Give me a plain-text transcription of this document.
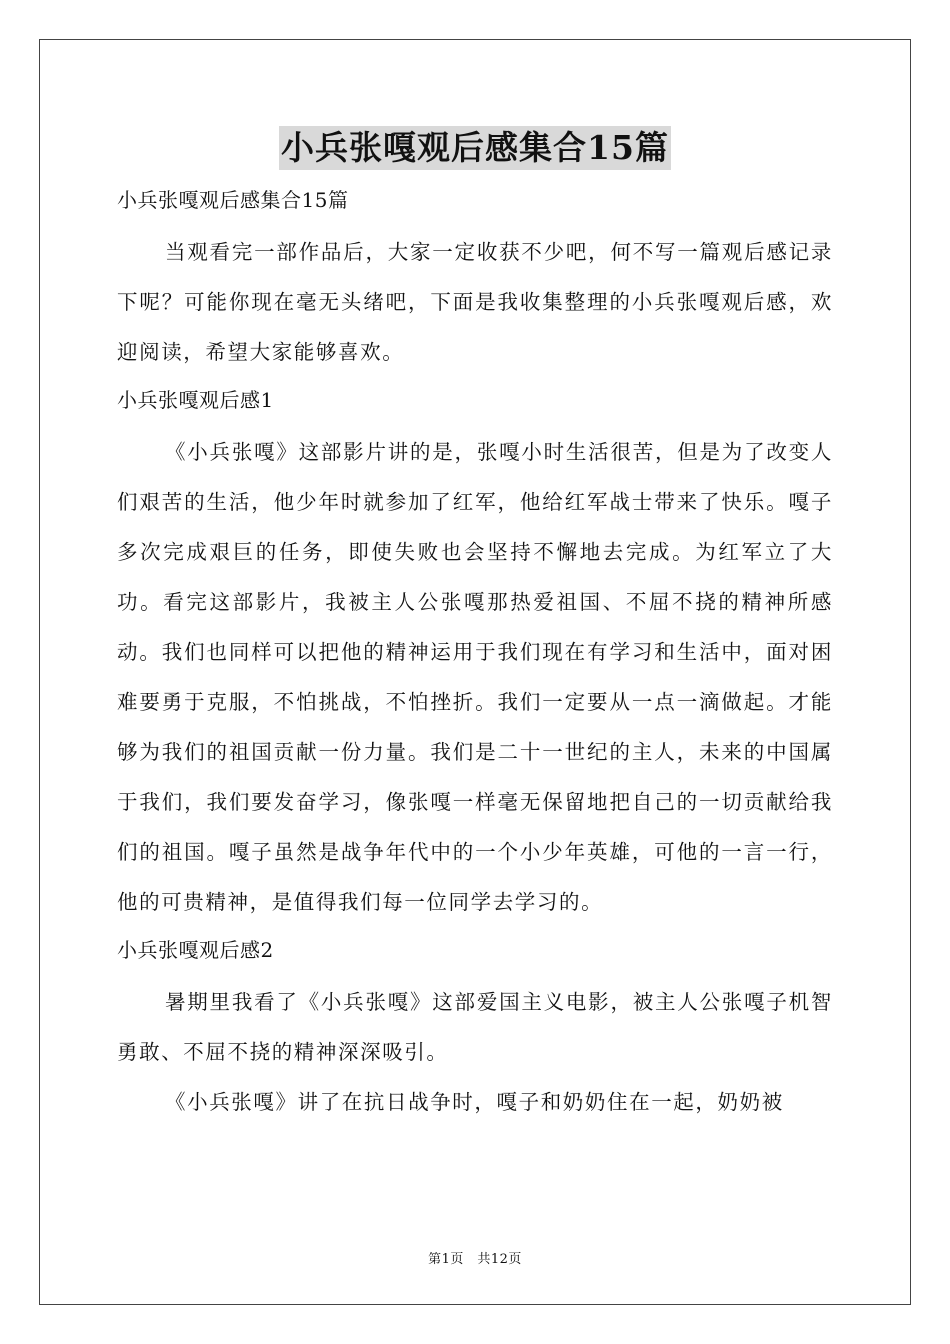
小兵张嘎观后感集合15篇
小兵张嘎观后感集合15篇

当观看完一部作品后，大家一定收获不少吧，何不写一篇观后感记录下呢？可能你现在毫无头绪吧，下面是我收集整理的小兵张嘎观后感，欢迎阅读，希望大家能够喜欢。

小兵张嘎观后感1

《小兵张嘎》这部影片讲的是，张嘎小时生活很苦，但是为了改变人们艰苦的生活，他少年时就参加了红军，他给红军战士带来了快乐。嘎子多次完成艰巨的任务，即使失败也会坚持不懈地去完成。为红军立了大功。看完这部影片，我被主人公张嘎那热爱祖国、不屈不挠的精神所感动。我们也同样可以把他的精神运用于我们现在有学习和生活中，面对困难要勇于克服，不怕挑战，不怕挫折。我们一定要从一点一滴做起。才能够为我们的祖国贡献一份力量。我们是二十一世纪的主人，未来的中国属于我们，我们要发奋学习，像张嘎一样毫无保留地把自己的一切贡献给我们的祖国。嘎子虽然是战争年代中的一个小少年英雄，可他的一言一行，他的可贵精神，是值得我们每一位同学去学习的。

小兵张嘎观后感2

暑期里我看了《小兵张嘎》这部爱国主义电影，被主人公张嘎子机智勇敢、不屈不挠的精神深深吸引。

《小兵张嘎》讲了在抗日战争时，嘎子和奶奶住在一起，奶奶被

第1页　共12页
